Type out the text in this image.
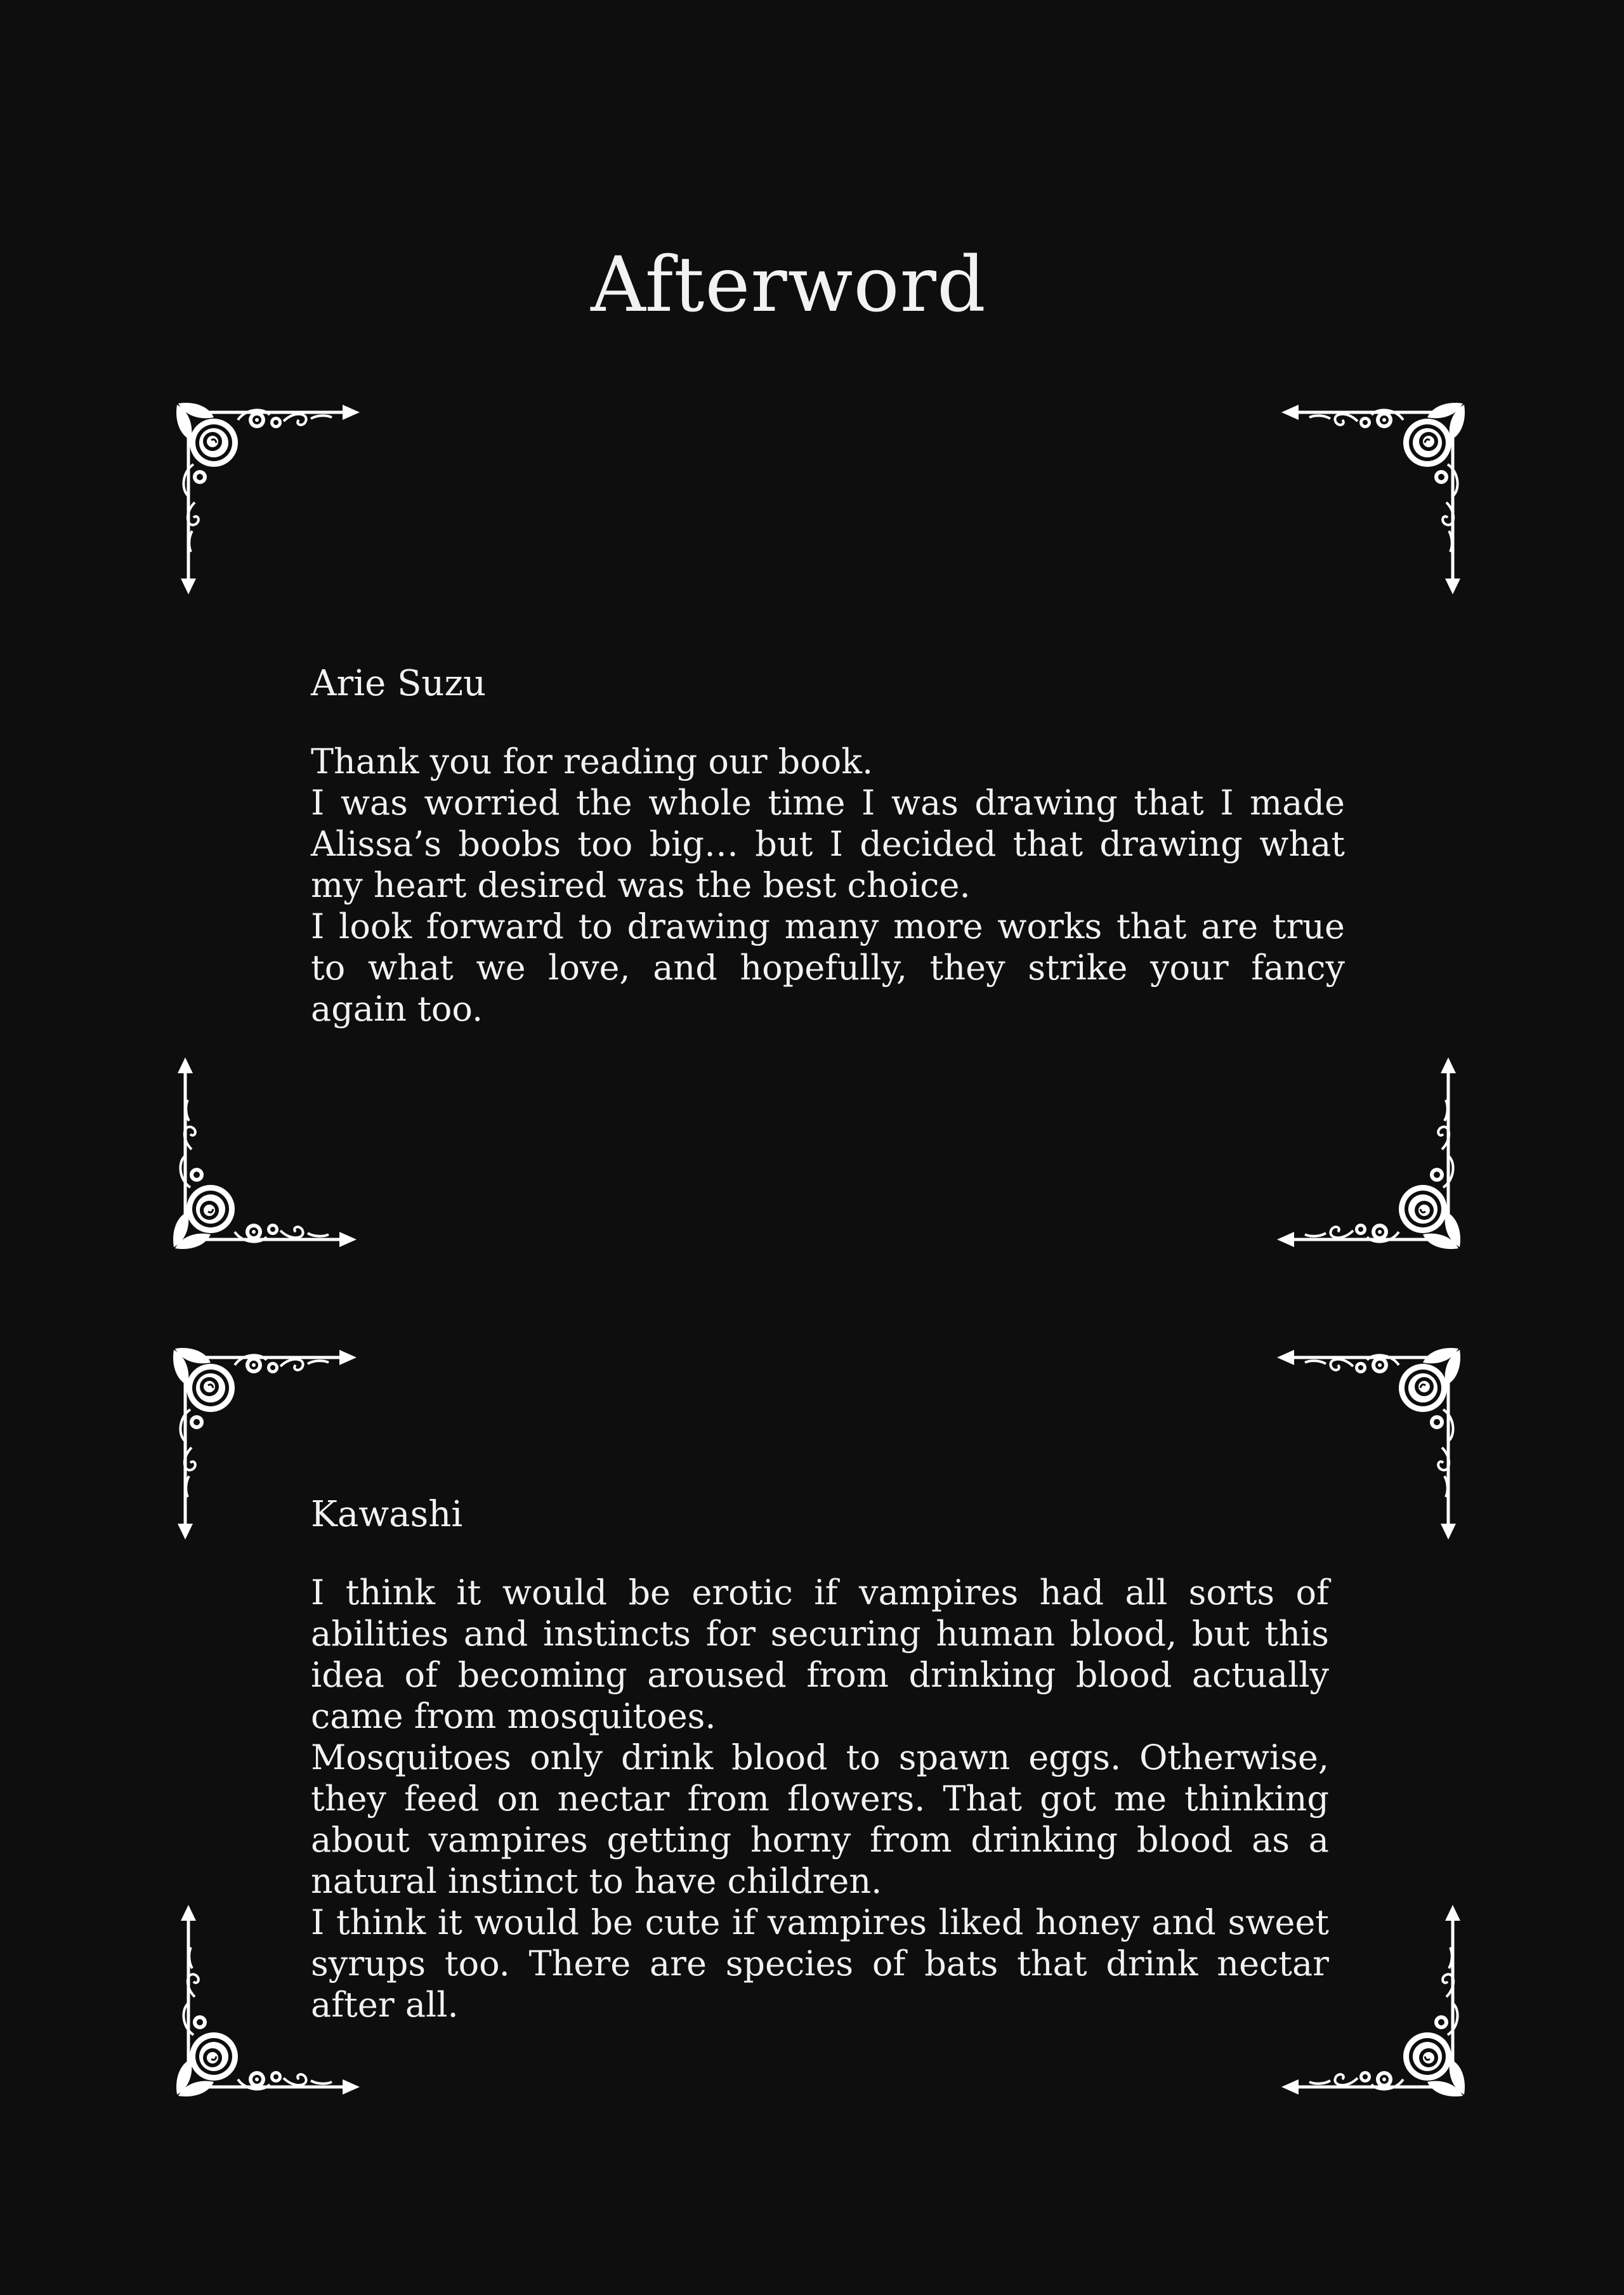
Afterword
Arie Suzu

Thank you for reading our book.

I was worried the whole time I was drawing that I made Alissa’s boobs too big… but I decided that drawing what my heart desired was the best choice.

I look forward to drawing many more works that are true to what we love, and hopefully, they strike your fancy again too.

Kawashi

I think it would be erotic if vampires had all sorts of abilities and instincts for securing human blood, but this idea of becoming aroused from drinking blood actually came from mosquitoes.

Mosquitoes only drink blood to spawn eggs. Otherwise, they feed on nectar from flowers. That got me thinking about vampires getting horny from drinking blood as a natural instinct to have children.

I think it would be cute if vampires liked honey and sweet syrups too. There are species of bats that drink nectar after all.
